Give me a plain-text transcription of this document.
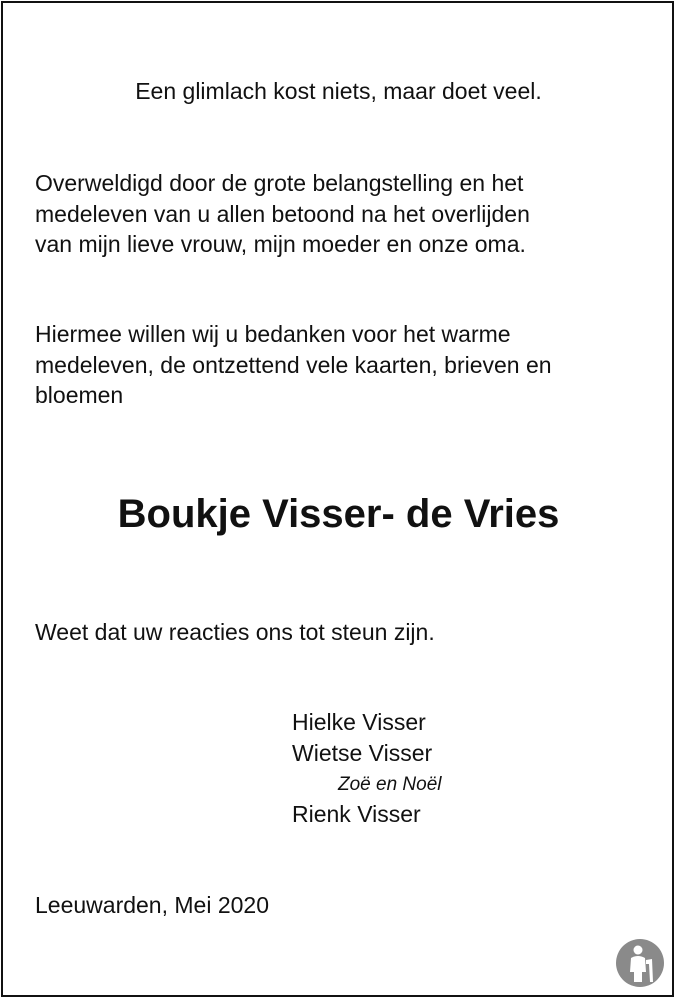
Een glimlach kost niets, maar doet veel.
Overweldigd door de grote belangstelling en het
medeleven van u allen betoond na het overlijden
van mijn lieve vrouw, mijn moeder en onze oma.
Hiermee willen wij u bedanken voor het warme
medeleven, de ontzettend vele kaarten, brieven en
bloemen
Boukje Visser- de Vries
Weet dat uw reacties ons tot steun zijn.
Hielke Visser
Wietse Visser
Zoë en Noël
Rienk Visser
Leeuwarden, Mei 2020
